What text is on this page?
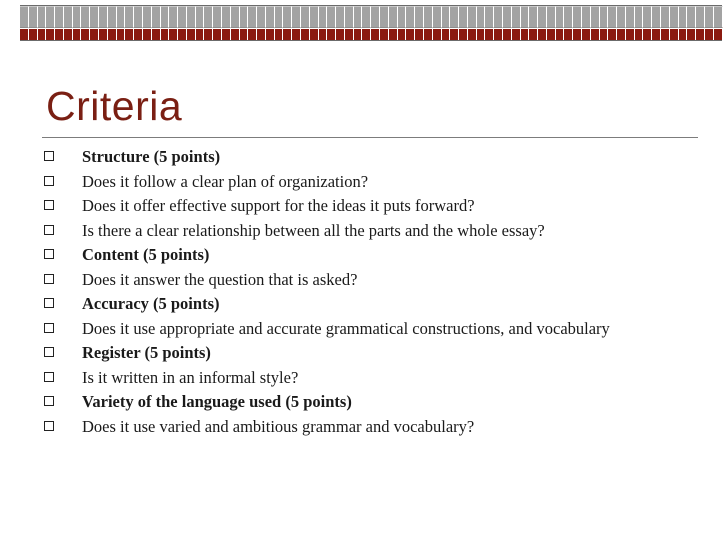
Criteria
Structure (5 points)
Does it follow a clear plan of organization?
Does it offer effective support for the ideas it puts forward?
Is there a clear relationship between all the parts and the whole essay?
Content (5 points)
Does it answer the question that is asked?
Accuracy (5 points)
Does it use appropriate and accurate grammatical constructions, and vocabulary
Register (5 points)
Is it written in an informal style?
Variety of the language used (5 points)
Does it use varied and ambitious grammar and vocabulary?
